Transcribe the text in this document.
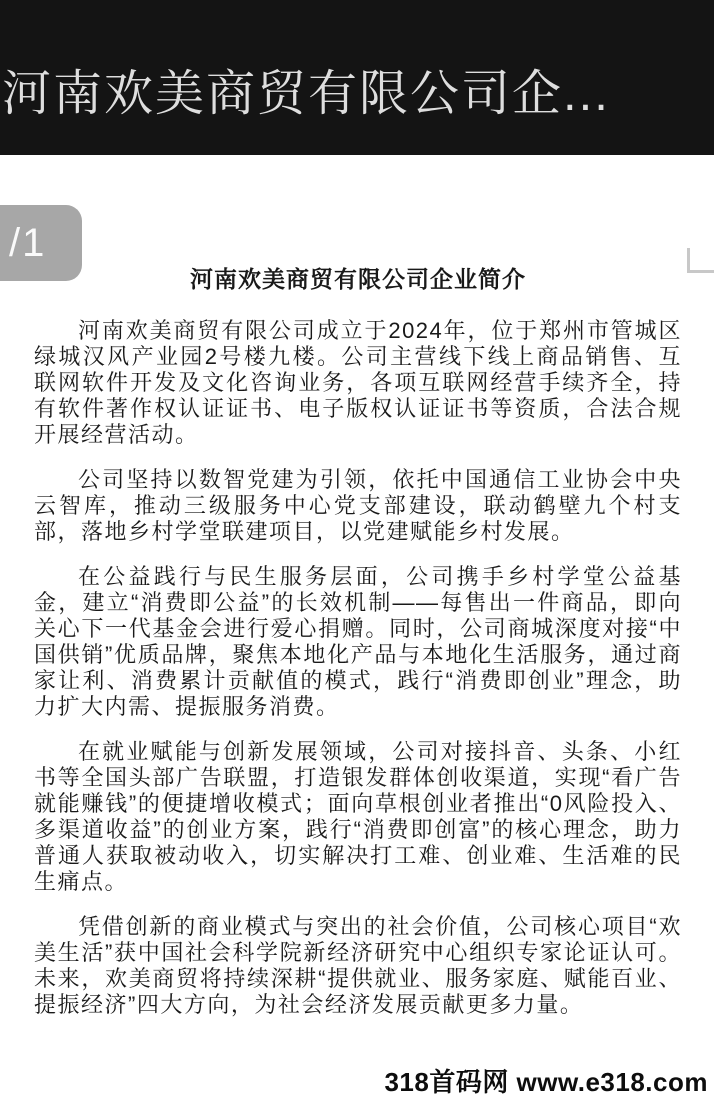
河南欢美商贸有限公司企...
/1
河南欢美商贸有限公司企业简介

河南欢美商贸有限公司成立于2024年，位于郑州市管城区绿城汉风产业园2号楼九楼。公司主营线下线上商品销售、互联网软件开发及文化咨询业务，各项互联网经营手续齐全，持有软件著作权认证证书、电子版权认证证书等资质，合法合规开展经营活动。

公司坚持以数智党建为引领，依托中国通信工业协会中央云智库，推动三级服务中心党支部建设，联动鹤壁九个村支部，落地乡村学堂联建项目，以党建赋能乡村发展。

在公益践行与民生服务层面，公司携手乡村学堂公益基金，建立“消费即公益”的长效机制——每售出一件商品，即向关心下一代基金会进行爱心捐赠。同时，公司商城深度对接“中国供销”优质品牌，聚焦本地化产品与本地化生活服务，通过商家让利、消费累计贡献值的模式，践行“消费即创业”理念，助力扩大内需、提振服务消费。

在就业赋能与创新发展领域，公司对接抖音、头条、小红书等全国头部广告联盟，打造银发群体创收渠道，实现“看广告就能赚钱”的便捷增收模式；面向草根创业者推出“0风险投入、多渠道收益”的创业方案，践行“消费即创富”的核心理念，助力普通人获取被动收入，切实解决打工难、创业难、生活难的民生痛点。

凭借创新的商业模式与突出的社会价值，公司核心项目“欢美生活”获中国社会科学院新经济研究中心组织专家论证认可。未来，欢美商贸将持续深耕“提供就业、服务家庭、赋能百业、提振经济”四大方向，为社会经济发展贡献更多力量。

318首码网 www.e318.com
